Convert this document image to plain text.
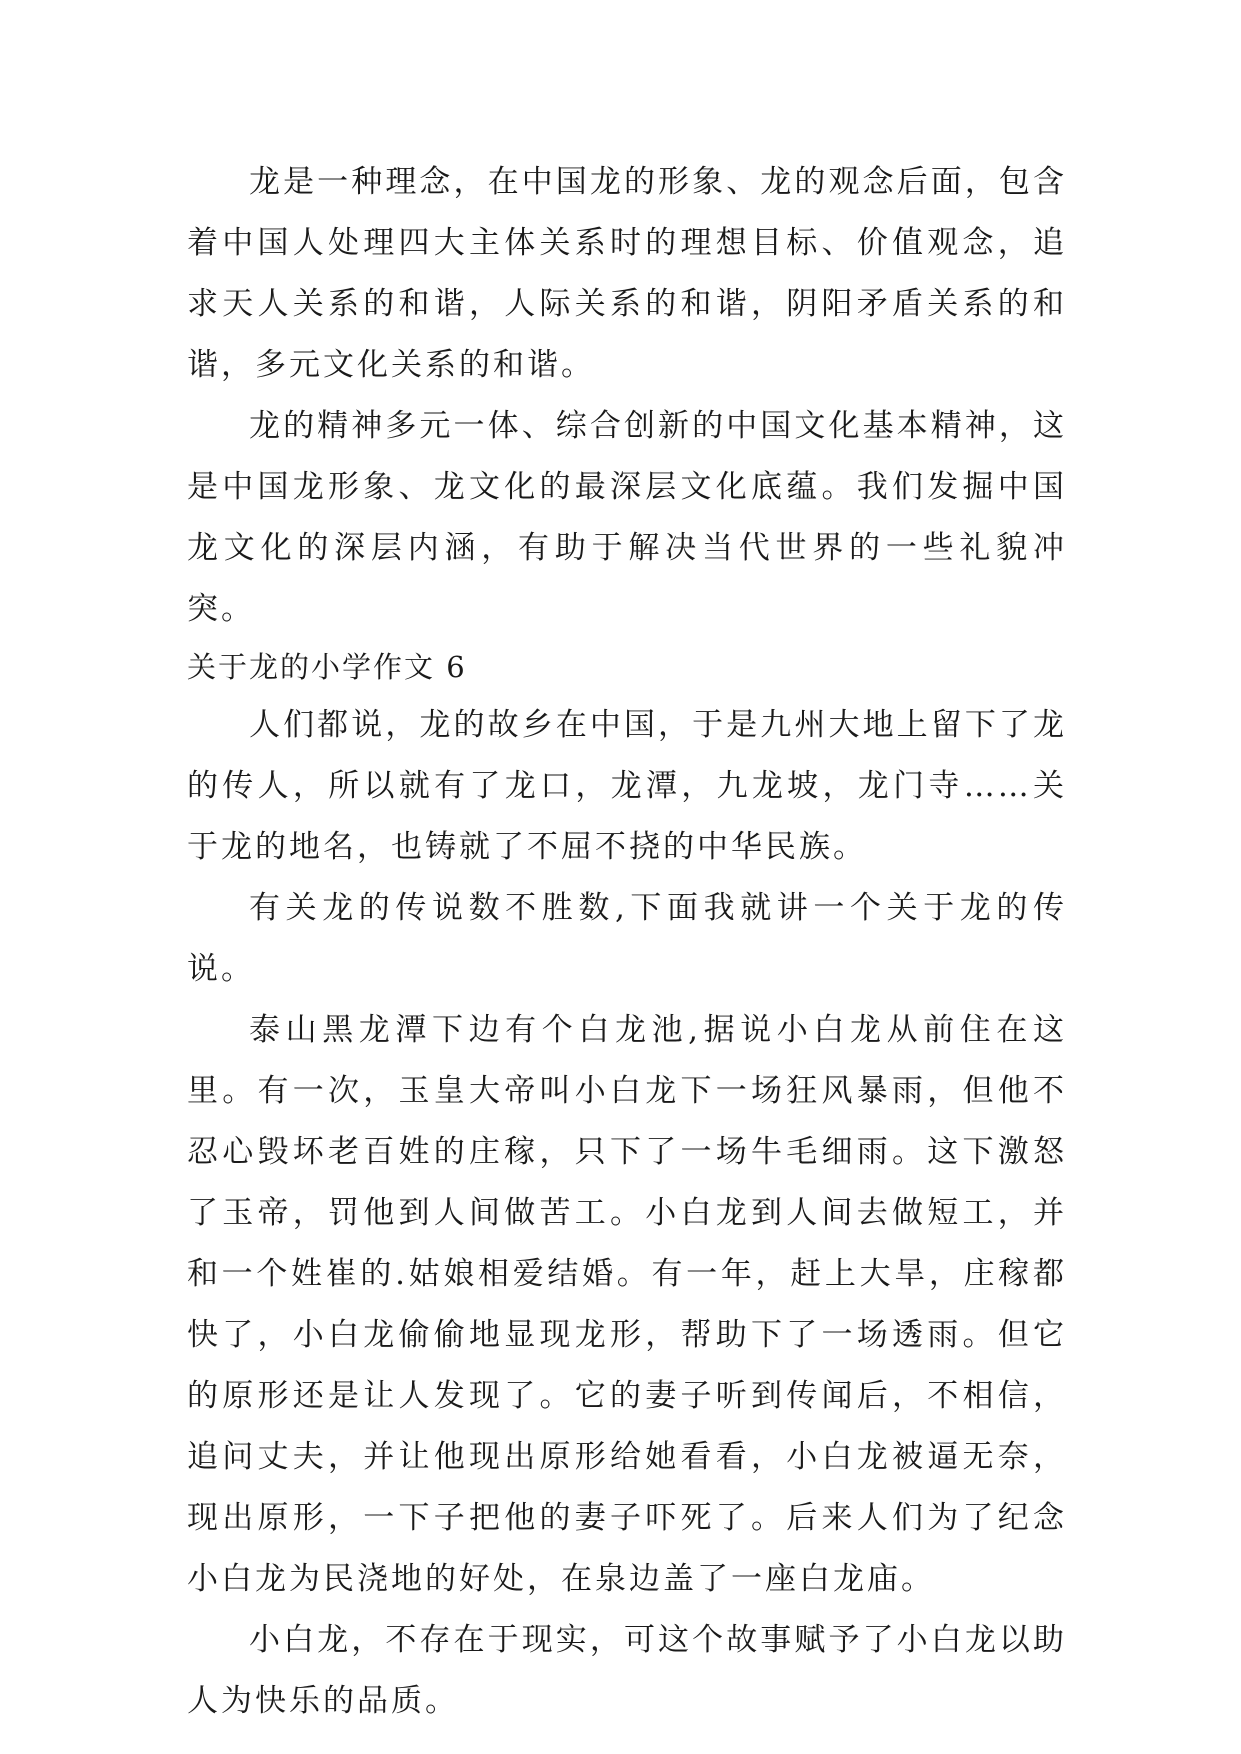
龙是一种理念，在中国龙的形象、龙的观念后面，包含着中国人处理四大主体关系时的理想目标、价值观念，追求天人关系的和谐，人际关系的和谐，阴阳矛盾关系的和谐，多元文化关系的和谐。

龙的精神多元一体、综合创新的中国文化基本精神，这是中国龙形象、龙文化的最深层文化底蕴。我们发掘中国龙文化的深层内涵，有助于解决当代世界的一些礼貌冲突。

关于龙的小学作文 6

人们都说，龙的故乡在中国，于是九州大地上留下了龙的传人，所以就有了龙口，龙潭，九龙坡，龙门寺……关于龙的地名，也铸就了不屈不挠的中华民族。

有关龙的传说数不胜数,下面我就讲一个关于龙的传说。

泰山黑龙潭下边有个白龙池,据说小白龙从前住在这里。有一次，玉皇大帝叫小白龙下一场狂风暴雨，但他不忍心毁坏老百姓的庄稼，只下了一场牛毛细雨。这下激怒了玉帝，罚他到人间做苦工。小白龙到人间去做短工，并和一个姓崔的.姑娘相爱结婚。有一年，赶上大旱，庄稼都快了，小白龙偷偷地显现龙形，帮助下了一场透雨。但它的原形还是让人发现了。它的妻子听到传闻后，不相信，追问丈夫，并让他现出原形给她看看，小白龙被逼无奈，现出原形，一下子把他的妻子吓死了。后来人们为了纪念小白龙为民浇地的好处，在泉边盖了一座白龙庙。

小白龙，不存在于现实，可这个故事赋予了小白龙以助人为快乐的品质。
